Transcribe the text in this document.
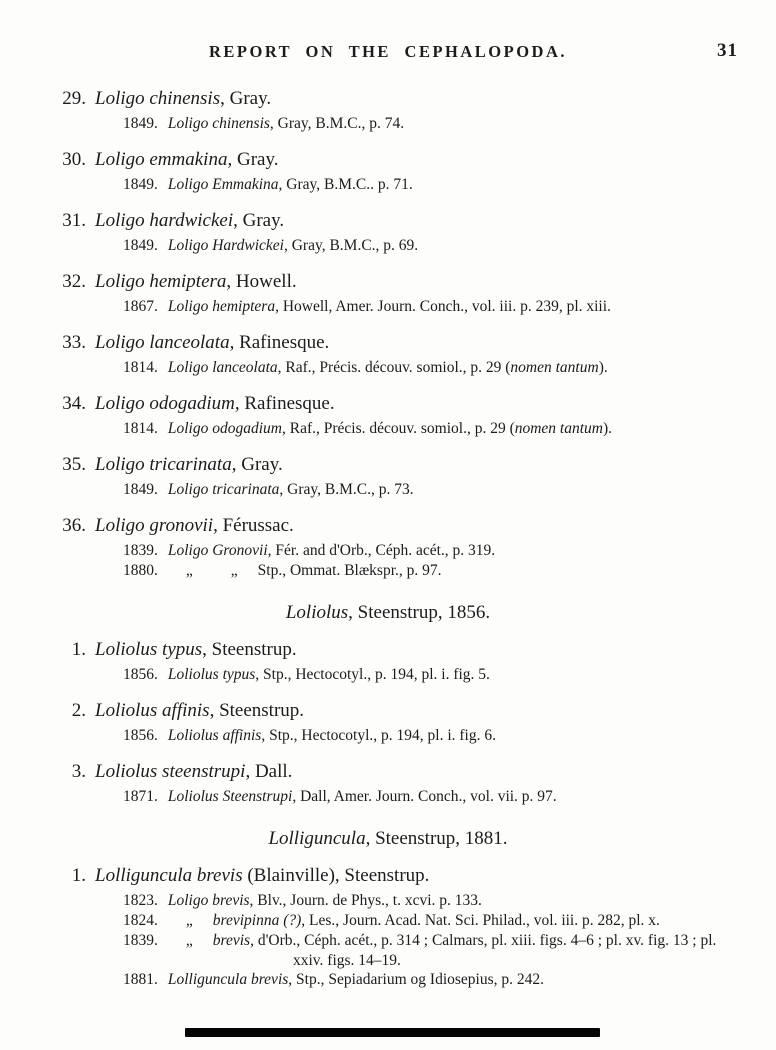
REPORT ON THE CEPHALOPODA.	31
29. Loligo chinensis, Gray.
1849. Loligo chinensis, Gray, B.M.C., p. 74.
30. Loligo emmakina, Gray.
1849. Loligo Emmakina, Gray, B.M.C.. p. 71.
31. Loligo hardwickei, Gray.
1849. Loligo Hardwickei, Gray, B.M.C., p. 69.
32. Loligo hemiptera, Howell.
1867. Loligo hemiptera, Howell, Amer. Journ. Conch., vol. iii. p. 239, pl. xiii.
33. Loligo lanceolata, Rafinesque.
1814. Loligo lanceolata, Raf., Précis. découv. somiol., p. 29 (nomen tantum).
34. Loligo odogadium, Rafinesque.
1814. Loligo odogadium, Raf., Précis. découv. somiol., p. 29 (nomen tantum).
35. Loligo tricarinata, Gray.
1849. Loligo tricarinata, Gray, B.M.C., p. 73.
36. Loligo gronovii, Férussac.
1839. Loligo Gronovii, Fér. and d'Orb., Céph. acét., p. 319.
1880. „ „ Stp., Ommat. Blækspr., p. 97.
Loliolus, Steenstrup, 1856.
1. Loliolus typus, Steenstrup.
1856. Loliolus typus, Stp., Hectocotyl., p. 194, pl. i. fig. 5.
2. Loliolus affinis, Steenstrup.
1856. Loliolus affinis, Stp., Hectocotyl., p. 194, pl. i. fig. 6.
3. Loliolus steenstrupi, Dall.
1871. Loliolus Steenstrupi, Dall, Amer. Journ. Conch., vol. vii. p. 97.
Lolliguncula, Steenstrup, 1881.
1. Lolliguncula brevis (Blainville), Steenstrup.
1823. Loligo brevis, Blv., Journ. de Phys., t. xcvi. p. 133.
1824. „ brevipinna (?), Les., Journ. Acad. Nat. Sci. Philad., vol. iii. p. 282, pl. x.
1839. „ brevis, d'Orb., Céph. acét., p. 314 ; Calmars, pl. xiii. figs. 4–6 ; pl. xv. fig. 13 ; pl.
xxiv. figs. 14–19.
1881. Lolliguncula brevis, Stp., Sepiadarium og Idiosepius, p. 242.
